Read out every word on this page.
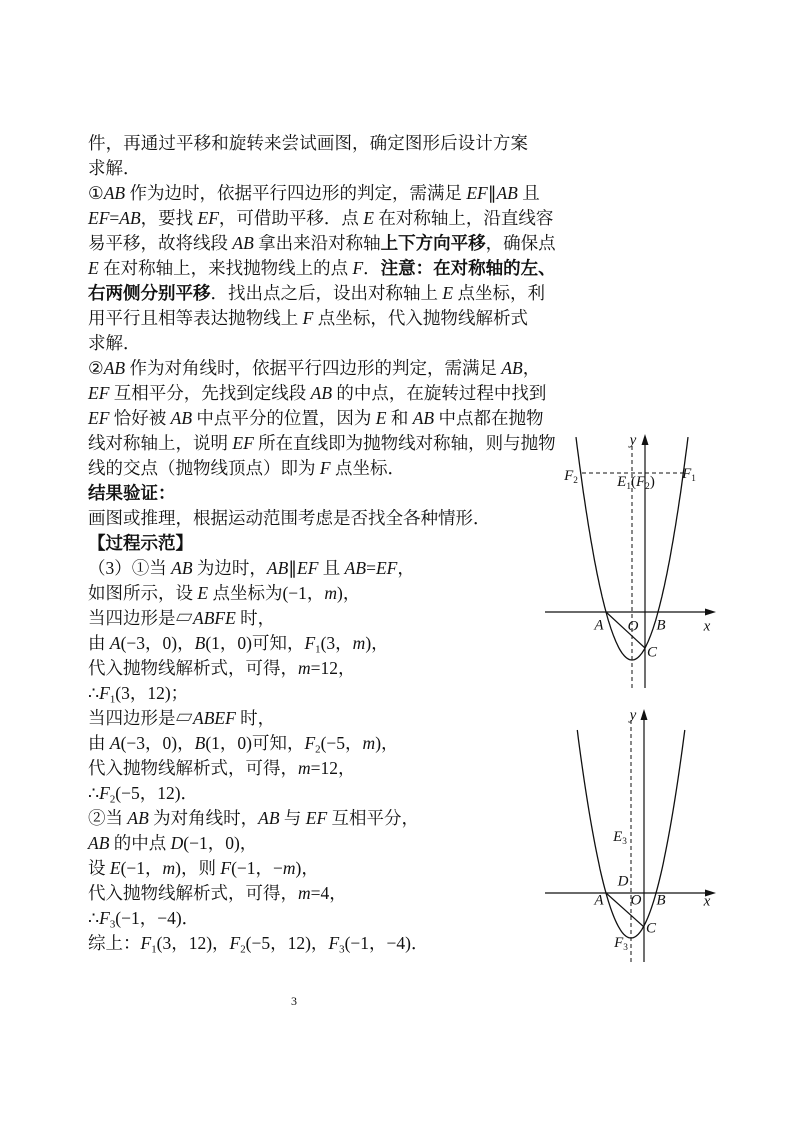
件，再通过平移和旋转来尝试画图，确定图形后设计方案
求解．
①AB 作为边时，依据平行四边形的判定，需满足 EF∥AB 且
EF=AB，要找 EF，可借助平移．点 E 在对称轴上，沿直线容
易平移，故将线段 AB 拿出来沿对称轴上下方向平移，确保点
E 在对称轴上，来找抛物线上的点 F．注意：在对称轴的左、
右两侧分别平移．找出点之后，设出对称轴上 E 点坐标，利
用平行且相等表达抛物线上 F 点坐标，代入抛物线解析式
求解．
②AB 作为对角线时，依据平行四边形的判定，需满足 AB，
EF 互相平分，先找到定线段 AB 的中点，在旋转过程中找到
EF 恰好被 AB 中点平分的位置，因为 E 和 AB 中点都在抛物
线对称轴上，说明 EF 所在直线即为抛物线对称轴，则与抛物
线的交点（抛物线顶点）即为 F 点坐标．
结果验证：
画图或推理，根据运动范围考虑是否找全各种情形．
【过程示范】
（3）①当 AB 为边时，AB∥EF 且 AB=EF，
如图所示，设 E 点坐标为(−1，m)，
当四边形是▱ABFE 时，
由 A(−3，0)，B(1，0)可知，F1(3，m)，
代入抛物线解析式，可得，m=12，
∴F1(3，12)；
当四边形是▱ABEF 时，
由 A(−3，0)，B(1，0)可知，F2(−5，m)，
代入抛物线解析式，可得，m=12，
∴F2(−5，12)．
②当 AB 为对角线时，AB 与 EF 互相平分，
AB 的中点 D(−1，0)，
设 E(−1，m)，则 F(−1，−m)，
代入抛物线解析式，可得，m=4，
∴F3(−1，−4)．
综上：F1(3，12)，F2(−5，12)，F3(−1，−4)．
y
x
A O B
C
F2	E1(F2) F1
y
x
A
D
O B
C
E3
F3
3
